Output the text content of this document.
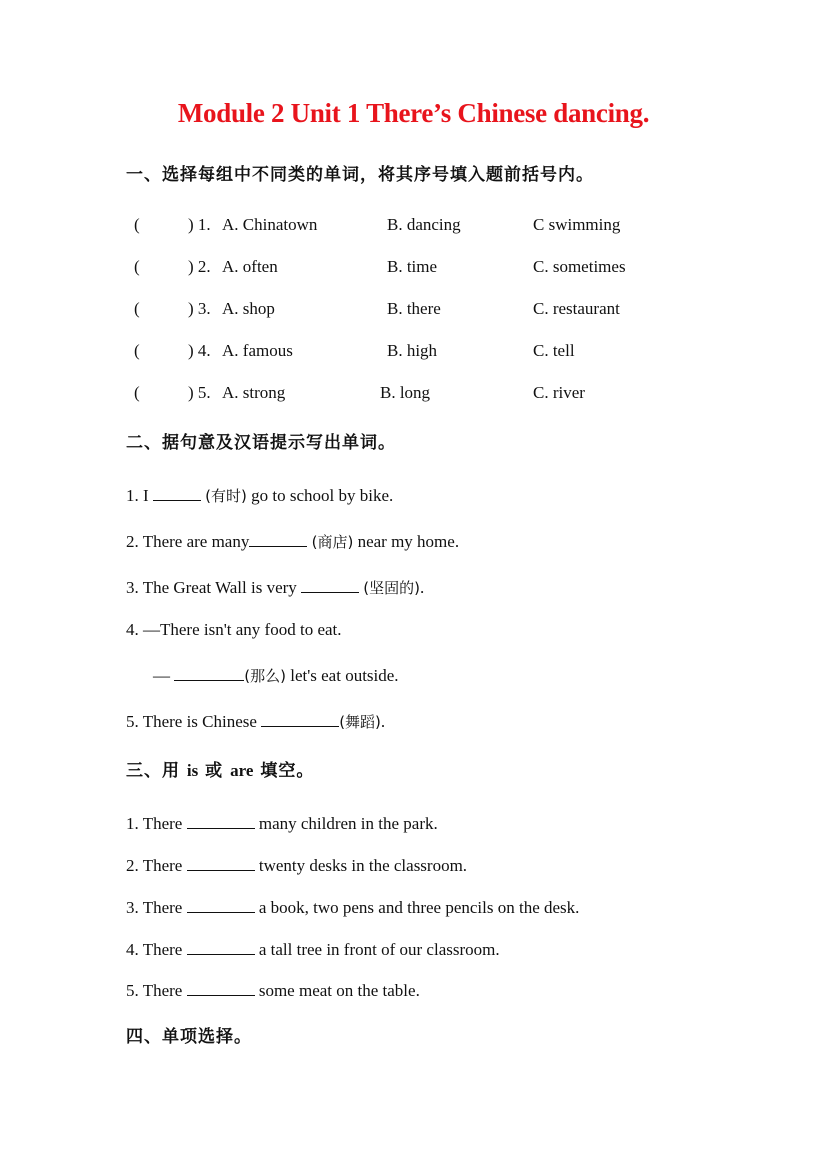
Module 2 Unit 1 There’s Chinese dancing.
一、选择每组中不同类的单词，将其序号填入题前括号内。
(	) 1. A. Chinatown	B. dancing	C swimming
(	) 2. A. often	B. time	C. sometimes
(	) 3. A. shop	B. there	C. restaurant
(	) 4. A. famous	B. high	C. tell
(	) 5. A. strong	B. long	C. river
二、据句意及汉语提示写出单词。
1. I	(有时) go to school by bike.
2. There are many	(商店) near my home.
3. The Great Wall is very	(坚固的).
4. —There isn't any food to eat.
—	(那么) let's eat outside.
5. There is Chinese	(舞蹈).
三、用 is 或 are 填空。
1. There	many children in the park.
2. There	twenty desks in the classroom.
3. There	a book, two pens and three pencils on the desk.
4. There	a tall tree in front of our classroom.
5. There	some meat on the table.
四、单项选择。
